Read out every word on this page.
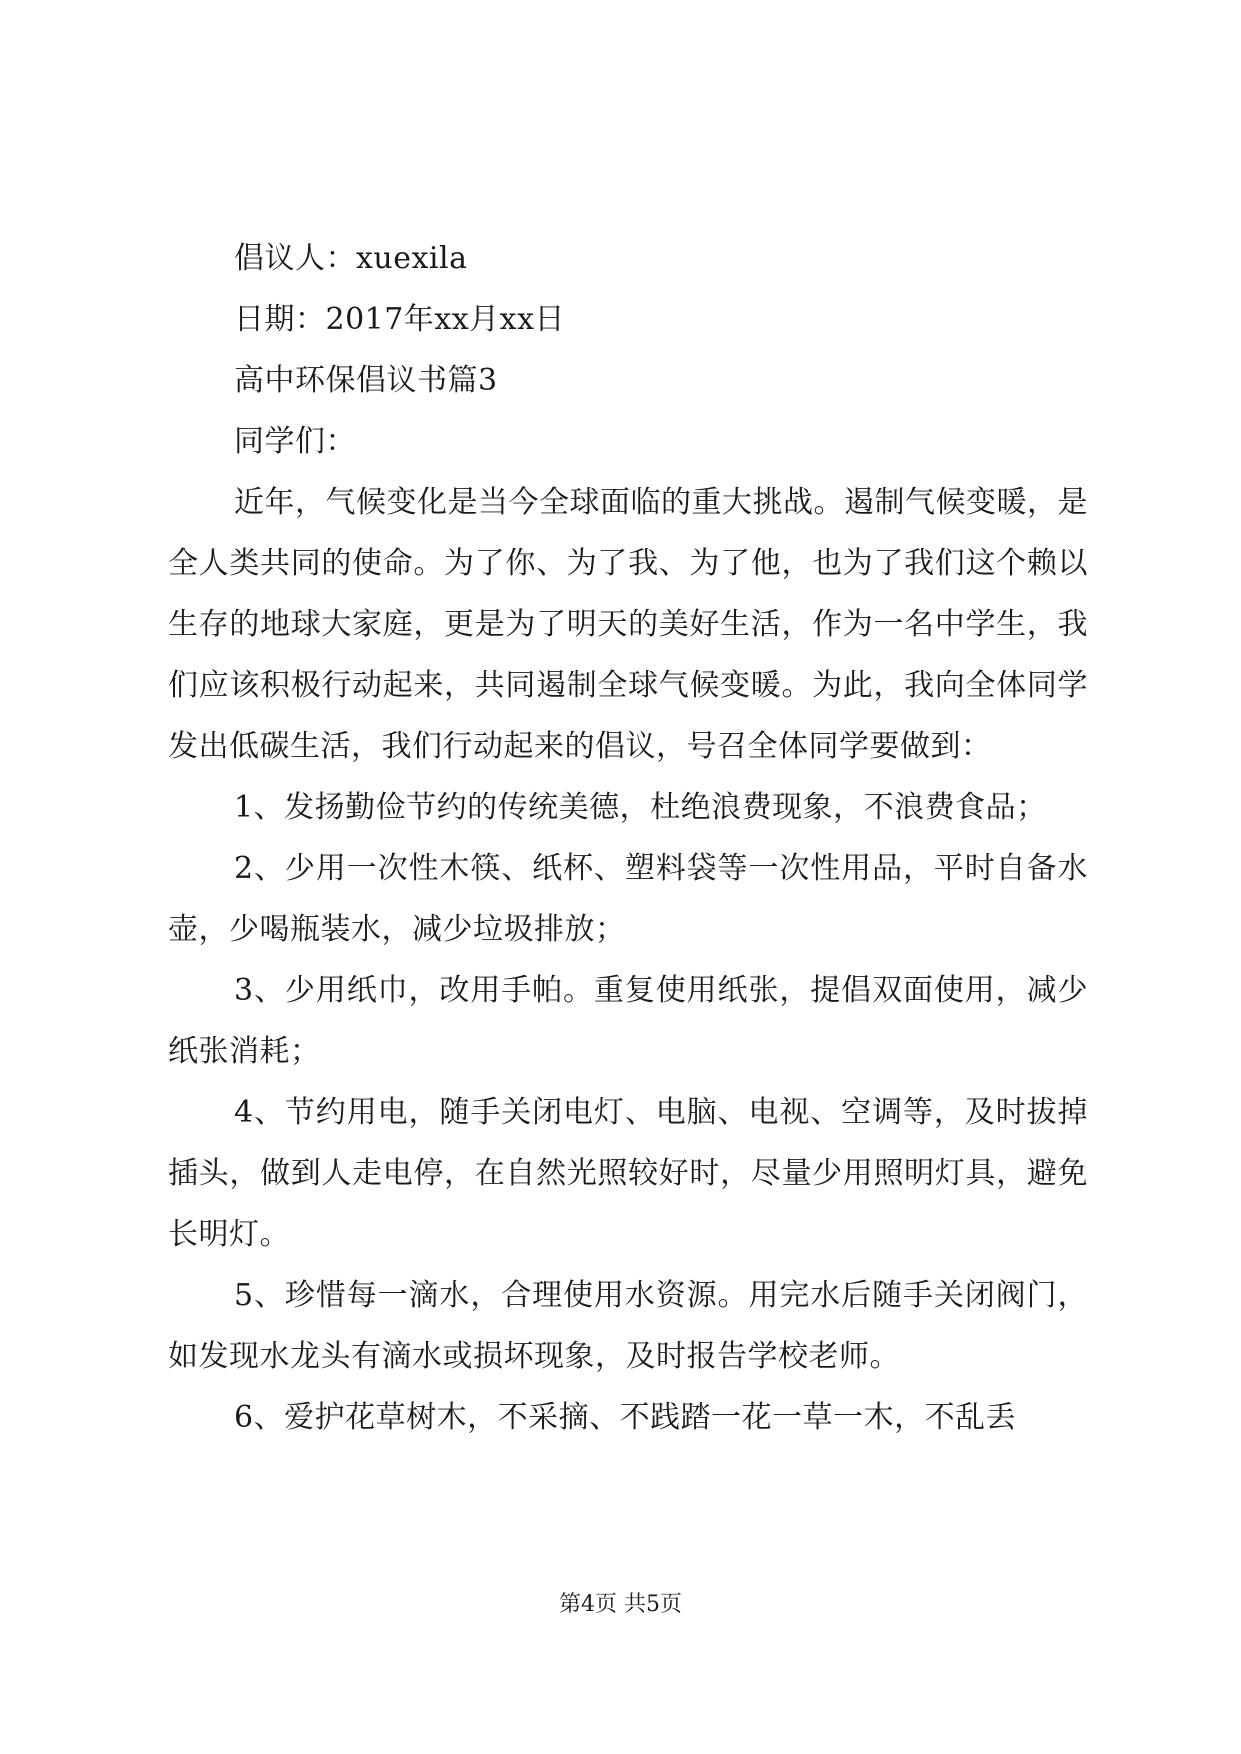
倡议人：xuexila

日期：2017年xx月xx日

高中环保倡议书篇3

同学们：

近年，气候变化是当今全球面临的重大挑战。遏制气候变暖，是全人类共同的使命。为了你、为了我、为了他，也为了我们这个赖以生存的地球大家庭，更是为了明天的美好生活，作为一名中学生，我们应该积极行动起来，共同遏制全球气候变暖。为此，我向全体同学发出低碳生活，我们行动起来的倡议，号召全体同学要做到：

1、发扬勤俭节约的传统美德，杜绝浪费现象，不浪费食品；

2、少用一次性木筷、纸杯、塑料袋等一次性用品，平时自备水壶，少喝瓶装水，减少垃圾排放；

3、少用纸巾，改用手帕。重复使用纸张，提倡双面使用，减少纸张消耗；

4、节约用电，随手关闭电灯、电脑、电视、空调等，及时拔掉插头，做到人走电停，在自然光照较好时，尽量少用照明灯具，避免长明灯。

5、珍惜每一滴水，合理使用水资源。用完水后随手关闭阀门，如发现水龙头有滴水或损坏现象，及时报告学校老师。

6、爱护花草树木，不采摘、不践踏一花一草一木，不乱丢

第4页 共5页
